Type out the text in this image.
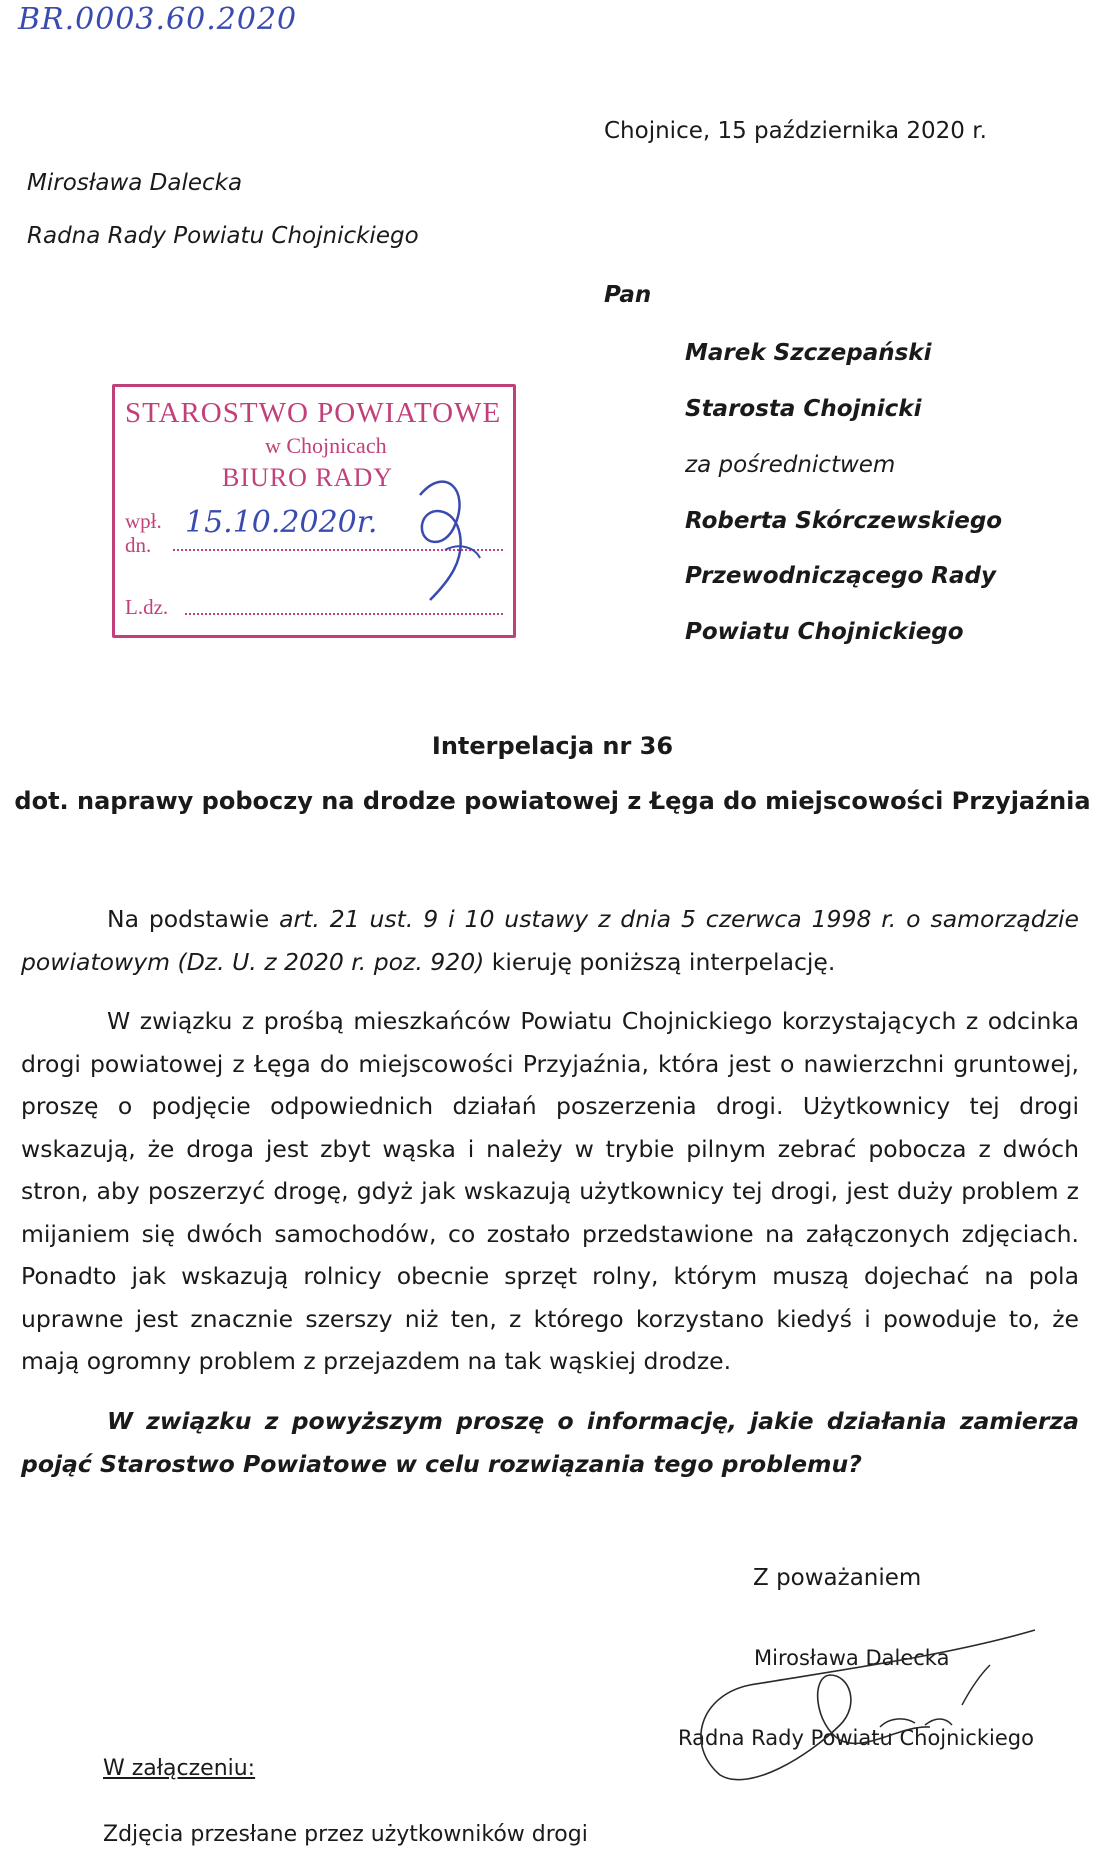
BR.0003.60.2020
Chojnice, 15 października 2020 r.
Mirosława Dalecka
Radna Rady Powiatu Chojnickiego
Pan
Marek Szczepański
Starosta Chojnicki
za pośrednictwem
Roberta Skórczewskiego
Przewodniczącego Rady
Powiatu Chojnickiego
STAROSTWO POWIATOWE
w Chojnicach
BIURO RADY
wpł.
dn.
15.10.2020r.
L.dz.
Interpelacja nr 36
dot. naprawy poboczy na drodze powiatowej z Łęga do miejscowości Przyjaźnia
Na podstawie art. 21 ust. 9 i 10 ustawy z dnia 5 czerwca 1998 r. o samorządzie powiatowym (Dz. U. z 2020 r. poz. 920) kieruję poniższą interpelację.
W związku z prośbą mieszkańców Powiatu Chojnickiego korzystających z odcinka drogi powiatowej z Łęga do miejscowości Przyjaźnia, która jest o nawierzchni gruntowej, proszę o podjęcie odpowiednich działań poszerzenia drogi. Użytkownicy tej drogi wskazują, że droga jest zbyt wąska i należy w trybie pilnym zebrać pobocza z dwóch stron, aby poszerzyć drogę, gdyż jak wskazują użytkownicy tej drogi, jest duży problem z mijaniem się dwóch samochodów, co zostało przedstawione na załączonych zdjęciach. Ponadto jak wskazują rolnicy obecnie sprzęt rolny, którym muszą dojechać na pola uprawne jest znacznie szerszy niż ten, z którego korzystano kiedyś i powoduje to, że mają ogromny problem z przejazdem na tak wąskiej drodze.
W związku z powyższym proszę o informację, jakie działania zamierza pojąć Starostwo Powiatowe w celu rozwiązania tego problemu?
Z poważaniem
Mirosława Dalecka
Radna Rady Powiatu Chojnickiego
W załączeniu:
Zdjęcia przesłane przez użytkowników drogi
